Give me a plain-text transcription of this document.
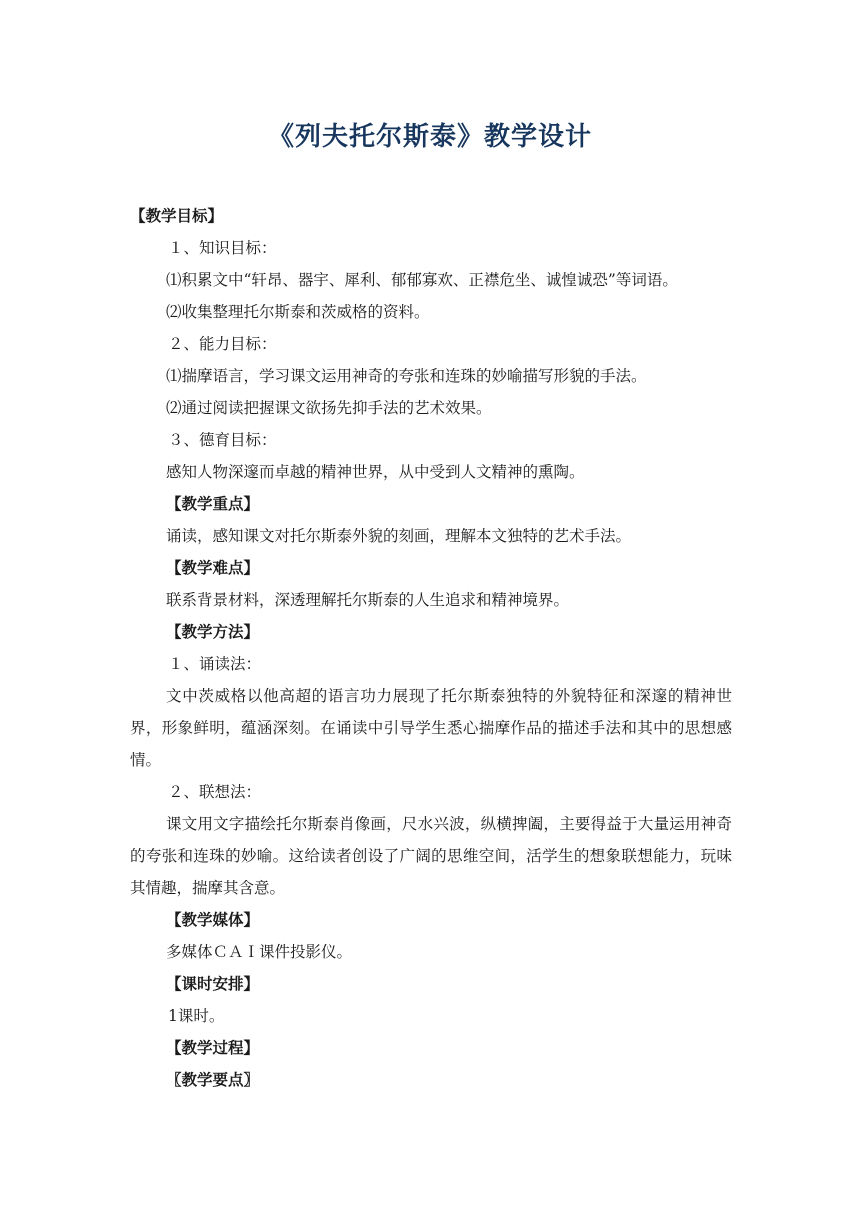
《列夫托尔斯泰》教学设计
【教学目标】
１、知识目标：
⑴积累文中“轩昂、器宇、犀利、郁郁寡欢、正襟危坐、诚惶诚恐”等词语。
⑵收集整理托尔斯泰和茨威格的资料。
２、能力目标：
⑴揣摩语言，学习课文运用神奇的夸张和连珠的妙喻描写形貌的手法。
⑵通过阅读把握课文欲扬先抑手法的艺术效果。
３、德育目标：
感知人物深邃而卓越的精神世界，从中受到人文精神的熏陶。
【教学重点】
诵读，感知课文对托尔斯泰外貌的刻画，理解本文独特的艺术手法。
【教学难点】
联系背景材料，深透理解托尔斯泰的人生追求和精神境界。
【教学方法】
１、诵读法：

文中茨威格以他高超的语言功力展现了托尔斯泰独特的外貌特征和深邃的精神世界，形象鲜明，蕴涵深刻。在诵读中引导学生悉心揣摩作品的描述手法和其中的思想感情。

２、联想法：

课文用文字描绘托尔斯泰肖像画，尺水兴波，纵横捭阖，主要得益于大量运用神奇的夸张和连珠的妙喻。这给读者创设了广阔的思维空间，活学生的想象联想能力，玩味其情趣，揣摩其含意。

【教学媒体】
多媒体ＣＡＩ课件投影仪。
【课时安排】
1课时。
【教学过程】
〖教学要点〗
